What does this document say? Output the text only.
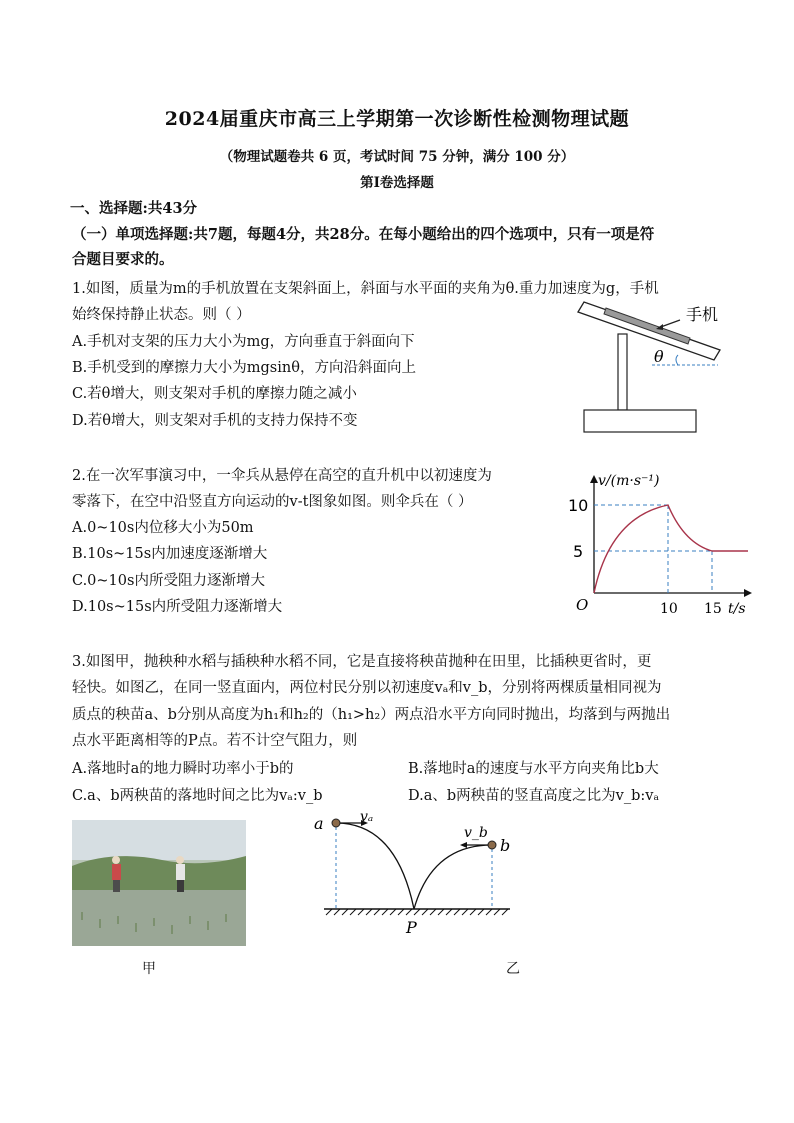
2024届重庆市高三上学期第一次诊断性检测物理试题
（物理试题卷共 6 页，考试时间 75 分钟，满分 100 分）
第Ⅰ卷选择题
一、选择题:共43分
（一）单项选择题:共7题，每题4分，共28分。在每小题给出的四个选项中，只有一项是符
合题目要求的。
1.如图，质量为m的手机放置在支架斜面上，斜面与水平面的夹角为θ.重力加速度为g，手机
始终保持静止状态。则（ ）
A.手机对支架的压力大小为mg，方向垂直于斜面向下
B.手机受到的摩擦力大小为mgsinθ，方向沿斜面向上
C.若θ增大，则支架对手机的摩擦力随之减小
D.若θ增大，则支架对手机的支持力保持不变
手机
θ
2.在一次军事演习中，一伞兵从悬停在高空的直升机中以初速度为
零落下，在空中沿竖直方向运动的v-t图象如图。则伞兵在（ ）
A.0~10s内位移大小为50m
B.10s~15s内加速度逐渐增大
C.0~10s内所受阻力逐渐增大
D.10s~15s内所受阻力逐渐增大
v/(m·s⁻¹)
10
5
O	10 15 t/s
3.如图甲，抛秧种水稻与插秧种水稻不同，它是直接将秧苗抛种在田里，比插秧更省时，更
轻快。如图乙，在同一竖直面内，两位村民分别以初速度vₐ和v_b，分别将两棵质量相同视为
质点的秧苗a、b分别从高度为h₁和h₂的（h₁>h₂）两点沿水平方向同时抛出，均落到与两抛出
点水平距离相等的P点。若不计空气阻力，则
A.落地时a的地力瞬时功率小于b的	B.落地时a的速度与水平方向夹角比b大
C.a、b两秧苗的落地时间之比为vₐ:v_b	D.a、b两秧苗的竖直高度之比为v_b:vₐ
甲
a	vₐ
b
v_b
P
乙
